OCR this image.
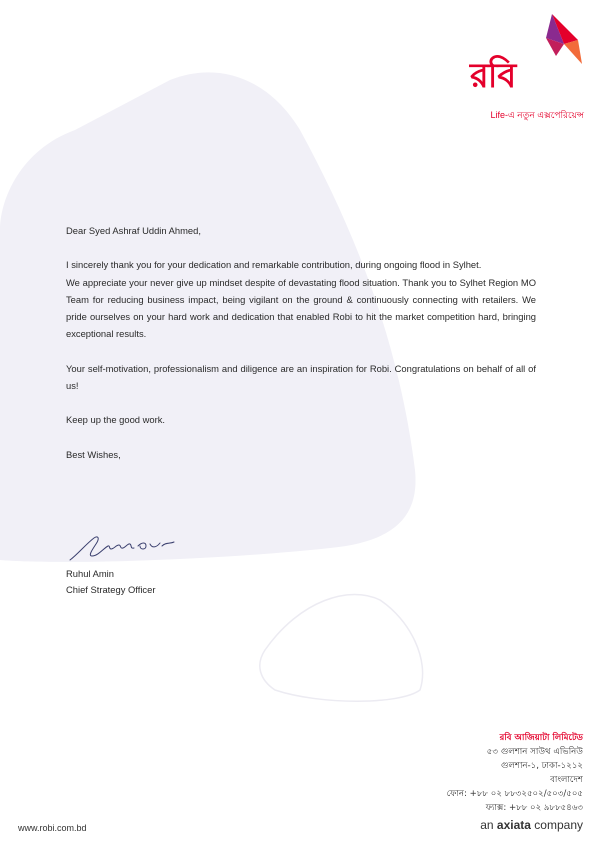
রবি
Life-এ নতুন এক্সপেরিয়েন্স

Dear Syed Ashraf Uddin Ahmed,

I sincerely thank you for your dedication and remarkable contribution, during ongoing flood in Sylhet.

We appreciate your never give up mindset despite of devastating flood situation. Thank you to Sylhet Region MO Team for reducing business impact, being vigilant on the ground & continuously connecting with retailers. We pride ourselves on your hard work and dedication that enabled Robi to hit the market competition hard, bringing exceptional results.

Your self-motivation, professionalism and diligence are an inspiration for Robi. Congratulations on behalf of all of us!

Keep up the good work.

Best Wishes,

Ruhul Amin
Chief Strategy Officer
রবি আজিয়াটা লিমিটেড
৫৩ গুলশান সাউথ এভিনিউ
গুলশান-১, ঢাকা-১২১২
বাংলাদেশ
ফোন: +৮৮ ০২ ৮৮৩২৫০২/৫০৩/৫০৫
ফ্যাক্স: +৮৮ ০২ ৯৮৮৫৪৬৩
www.robi.com.bd	an axiata company
